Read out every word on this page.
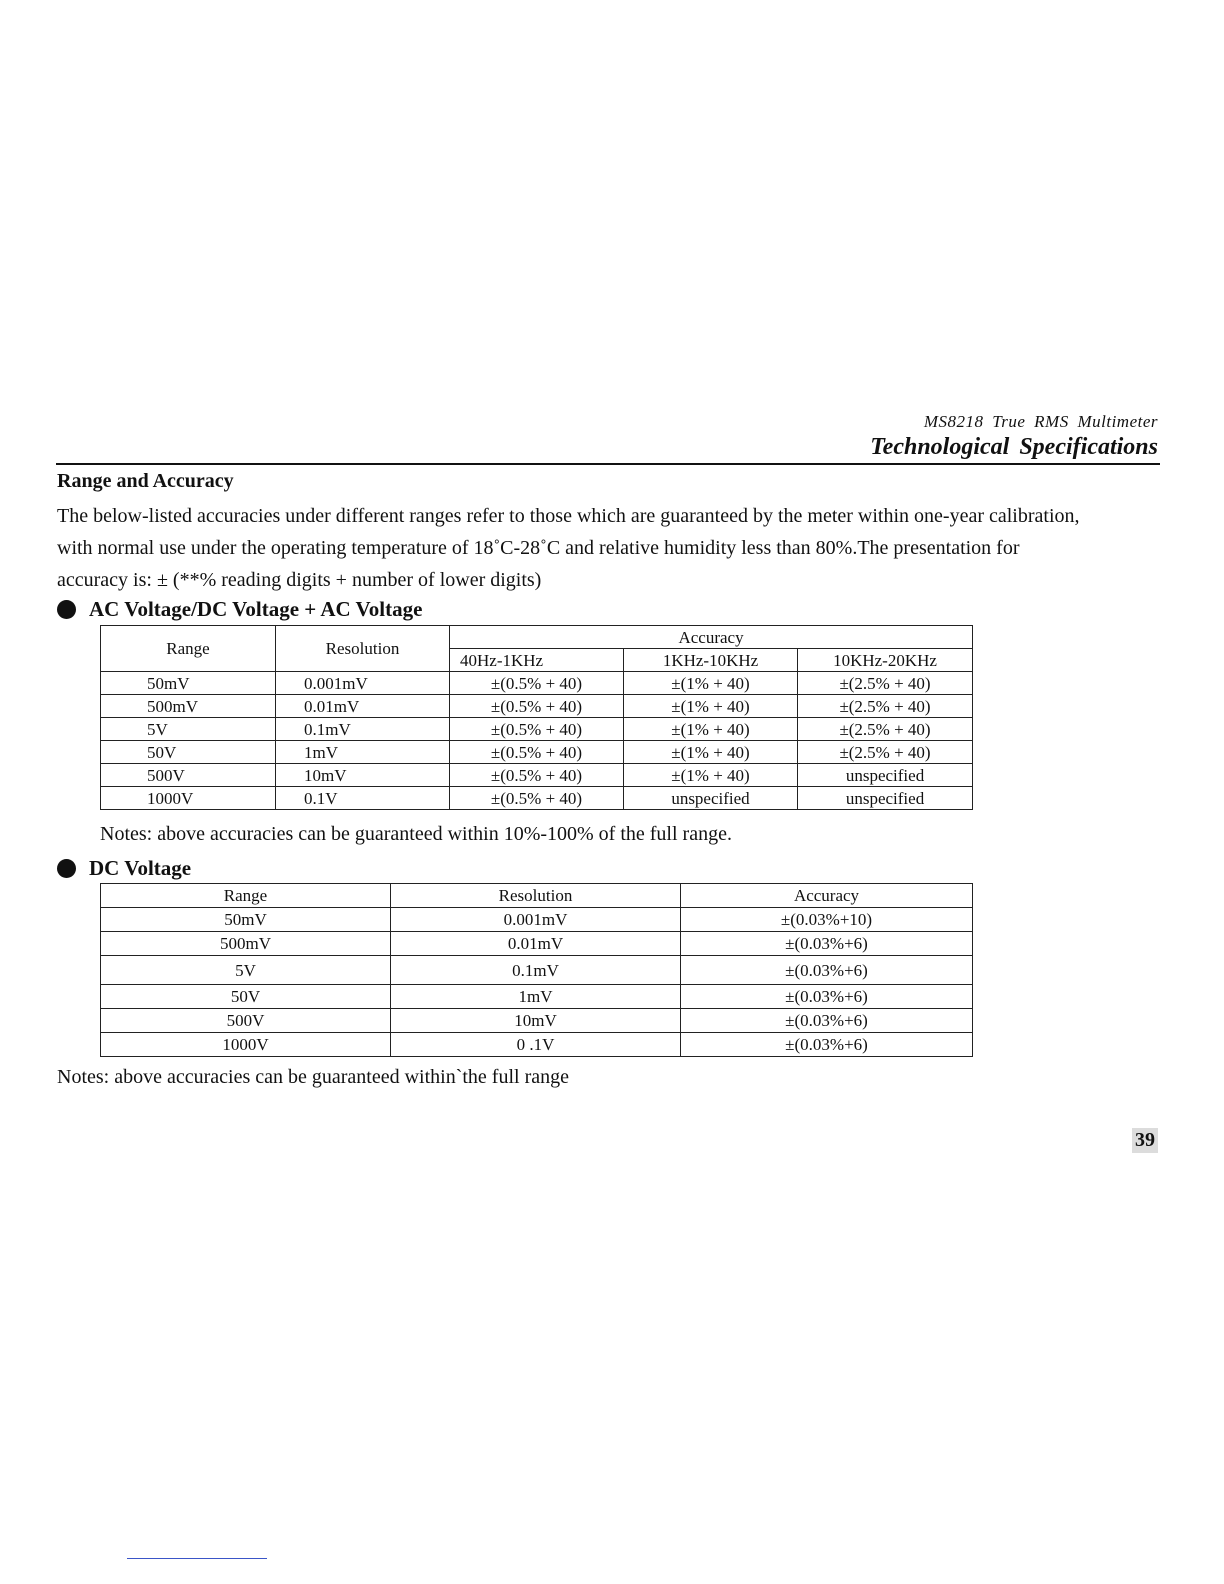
MS8218 True RMS Multimeter
Technological Specifications
Range and Accuracy

The below-listed accuracies under different ranges refer to those which are guaranteed by the meter within one-year calibration,

with normal use under the operating temperature of 18˚C-28˚C and relative humidity less than 80%.The presentation for

accuracy is: ± (**% reading digits + number of lower digits)

AC Voltage/DC Voltage + AC Voltage
Range	Resolution	Accuracy		
		40Hz-1KHz	1KHz-10KHz	10KHz-20KHz
50mV	0.001mV	±(0.5% + 40)	±(1% + 40)	±(2.5% + 40)
500mV	0.01mV	±(0.5% + 40)	±(1% + 40)	±(2.5% + 40)
5V	0.1mV	±(0.5% + 40)	±(1% + 40)	±(2.5% + 40)
50V	1mV	±(0.5% + 40)	±(1% + 40)	±(2.5% + 40)
500V	10mV	±(0.5% + 40)	±(1% + 40)	unspecified
1000V	0.1V	±(0.5% + 40)	unspecified	unspecified
Notes: above accuracies can be guaranteed within 10%-100% of the full range.
DC Voltage
Range	Resolution	Accuracy
50mV	0.001mV	±(0.03%+10)
500mV	0.01mV	±(0.03%+6)
5V	0.1mV	±(0.03%+6)
50V	1mV	±(0.03%+6)
500V	10mV	±(0.03%+6)
1000V	0 .1V	±(0.03%+6)
Notes: above accuracies can be guaranteed within`the full range
39
